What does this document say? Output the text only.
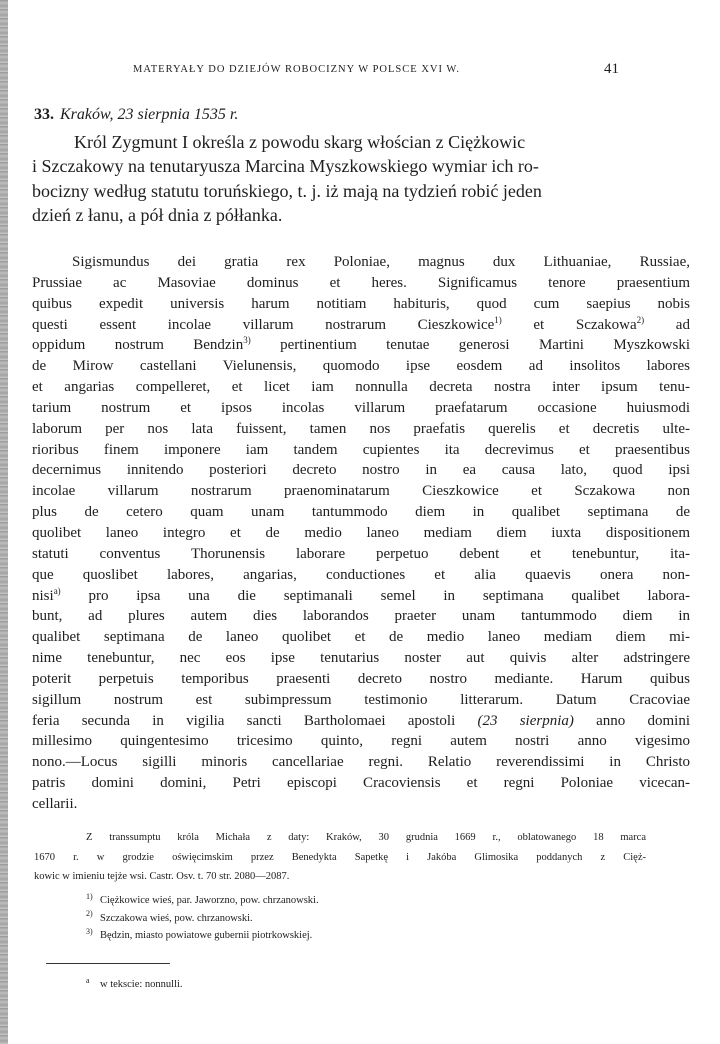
MATERYAŁY DO DZIEJÓW ROBOCIZNY W POLSCE XVI W.	41
33. Kraków, 23 sierpnia 1535 r.
Król Zygmunt I określa z powodu skarg włościan z Ciężkowic
i Szczakowy na tenutaryusza Marcina Myszkowskiego wymiar ich ro-
bocizny według statutu toruńskiego, t. j. iż mają na tydzień robić jeden
dzień z łanu, a pół dnia z półłanka.
Sigismundus dei gratia rex Poloniae, magnus dux Lithuaniae, Russiae,
Prussiae ac Masoviae dominus et heres. Significamus tenore praesentium
quibus expedit universis harum notitiam habituris, quod cum saepius nobis
questi essent incolae villarum nostrarum Cieszkowice$^{1)}$ et Sczakowa$^{2)}$ ad
oppidum nostrum Bendzin$^{3)}$ pertinentium tenutae generosi Martini Myszkowski
de Mirow castellani Vielunensis, quomodo ipse eosdem ad insolitos labores
et angarias compelleret, et licet iam nonnulla decreta nostra inter ipsum tenu-
tarium nostrum et ipsos incolas villarum praefatarum occasione huiusmodi
laborum per nos lata fuissent, tamen nos praefatis querelis et decretis ulte-
rioribus finem imponere iam tandem cupientes ita decrevimus et praesentibus
decernimus innitendo posteriori decreto nostro in ea causa lato, quod ipsi
incolae villarum nostrarum praenominatarum Cieszkowice et Sczakowa non
plus de cetero quam unam tantummodo diem in qualibet septimana de
quolibet laneo integro et de medio laneo mediam diem iuxta dispositionem
statuti conventus Thorunensis laborare perpetuo debent et tenebuntur, ita-
que quoslibet labores, angarias, conductiones et alia quaevis onera non-
nisi$^{a)}$ pro ipsa una die septimanali semel in septimana qualibet labora-
bunt, ad plures autem dies laborandos praeter unam tantummodo diem in
qualibet septimana de laneo quolibet et de medio laneo mediam diem mi-
nime tenebuntur, nec eos ipse tenutarius noster aut quivis alter adstringere
poterit perpetuis temporibus praesenti decreto nostro mediante. Harum quibus
sigillum nostrum est subimpressum testimonio litterarum. Datum Cracoviae
feria secunda in vigilia sancti Bartholomaei apostoli (23 sierpnia) anno domini
millesimo quingentesimo tricesimo quinto, regni autem nostri anno vigesimo
nono.—Locus sigilli minoris cancellariae regni. Relatio reverendissimi in Christo
patris domini domini, Petri episcopi Cracoviensis et regni Poloniae vicecan-
cellarii.
Z transsumptu króla Michała z daty: Kraków, 30 grudnia 1669 r., oblatowanego 18 marca
1670 r. w grodzie oświęcimskim przez Benedykta Sapetkę i Jakóba Glimosika poddanych z Cięż-
kowic w imieniu tejże wsi. Castr. Osv. t. 70 str. 2080—2087.
1) Ciężkowice wieś, par. Jaworzno, pow. chrzanowski.
2) Szczakowa wieś, pow. chrzanowski.
3) Będzin, miasto powiatowe gubernii piotrkowskiej.
a w tekscie: nonnulli.
